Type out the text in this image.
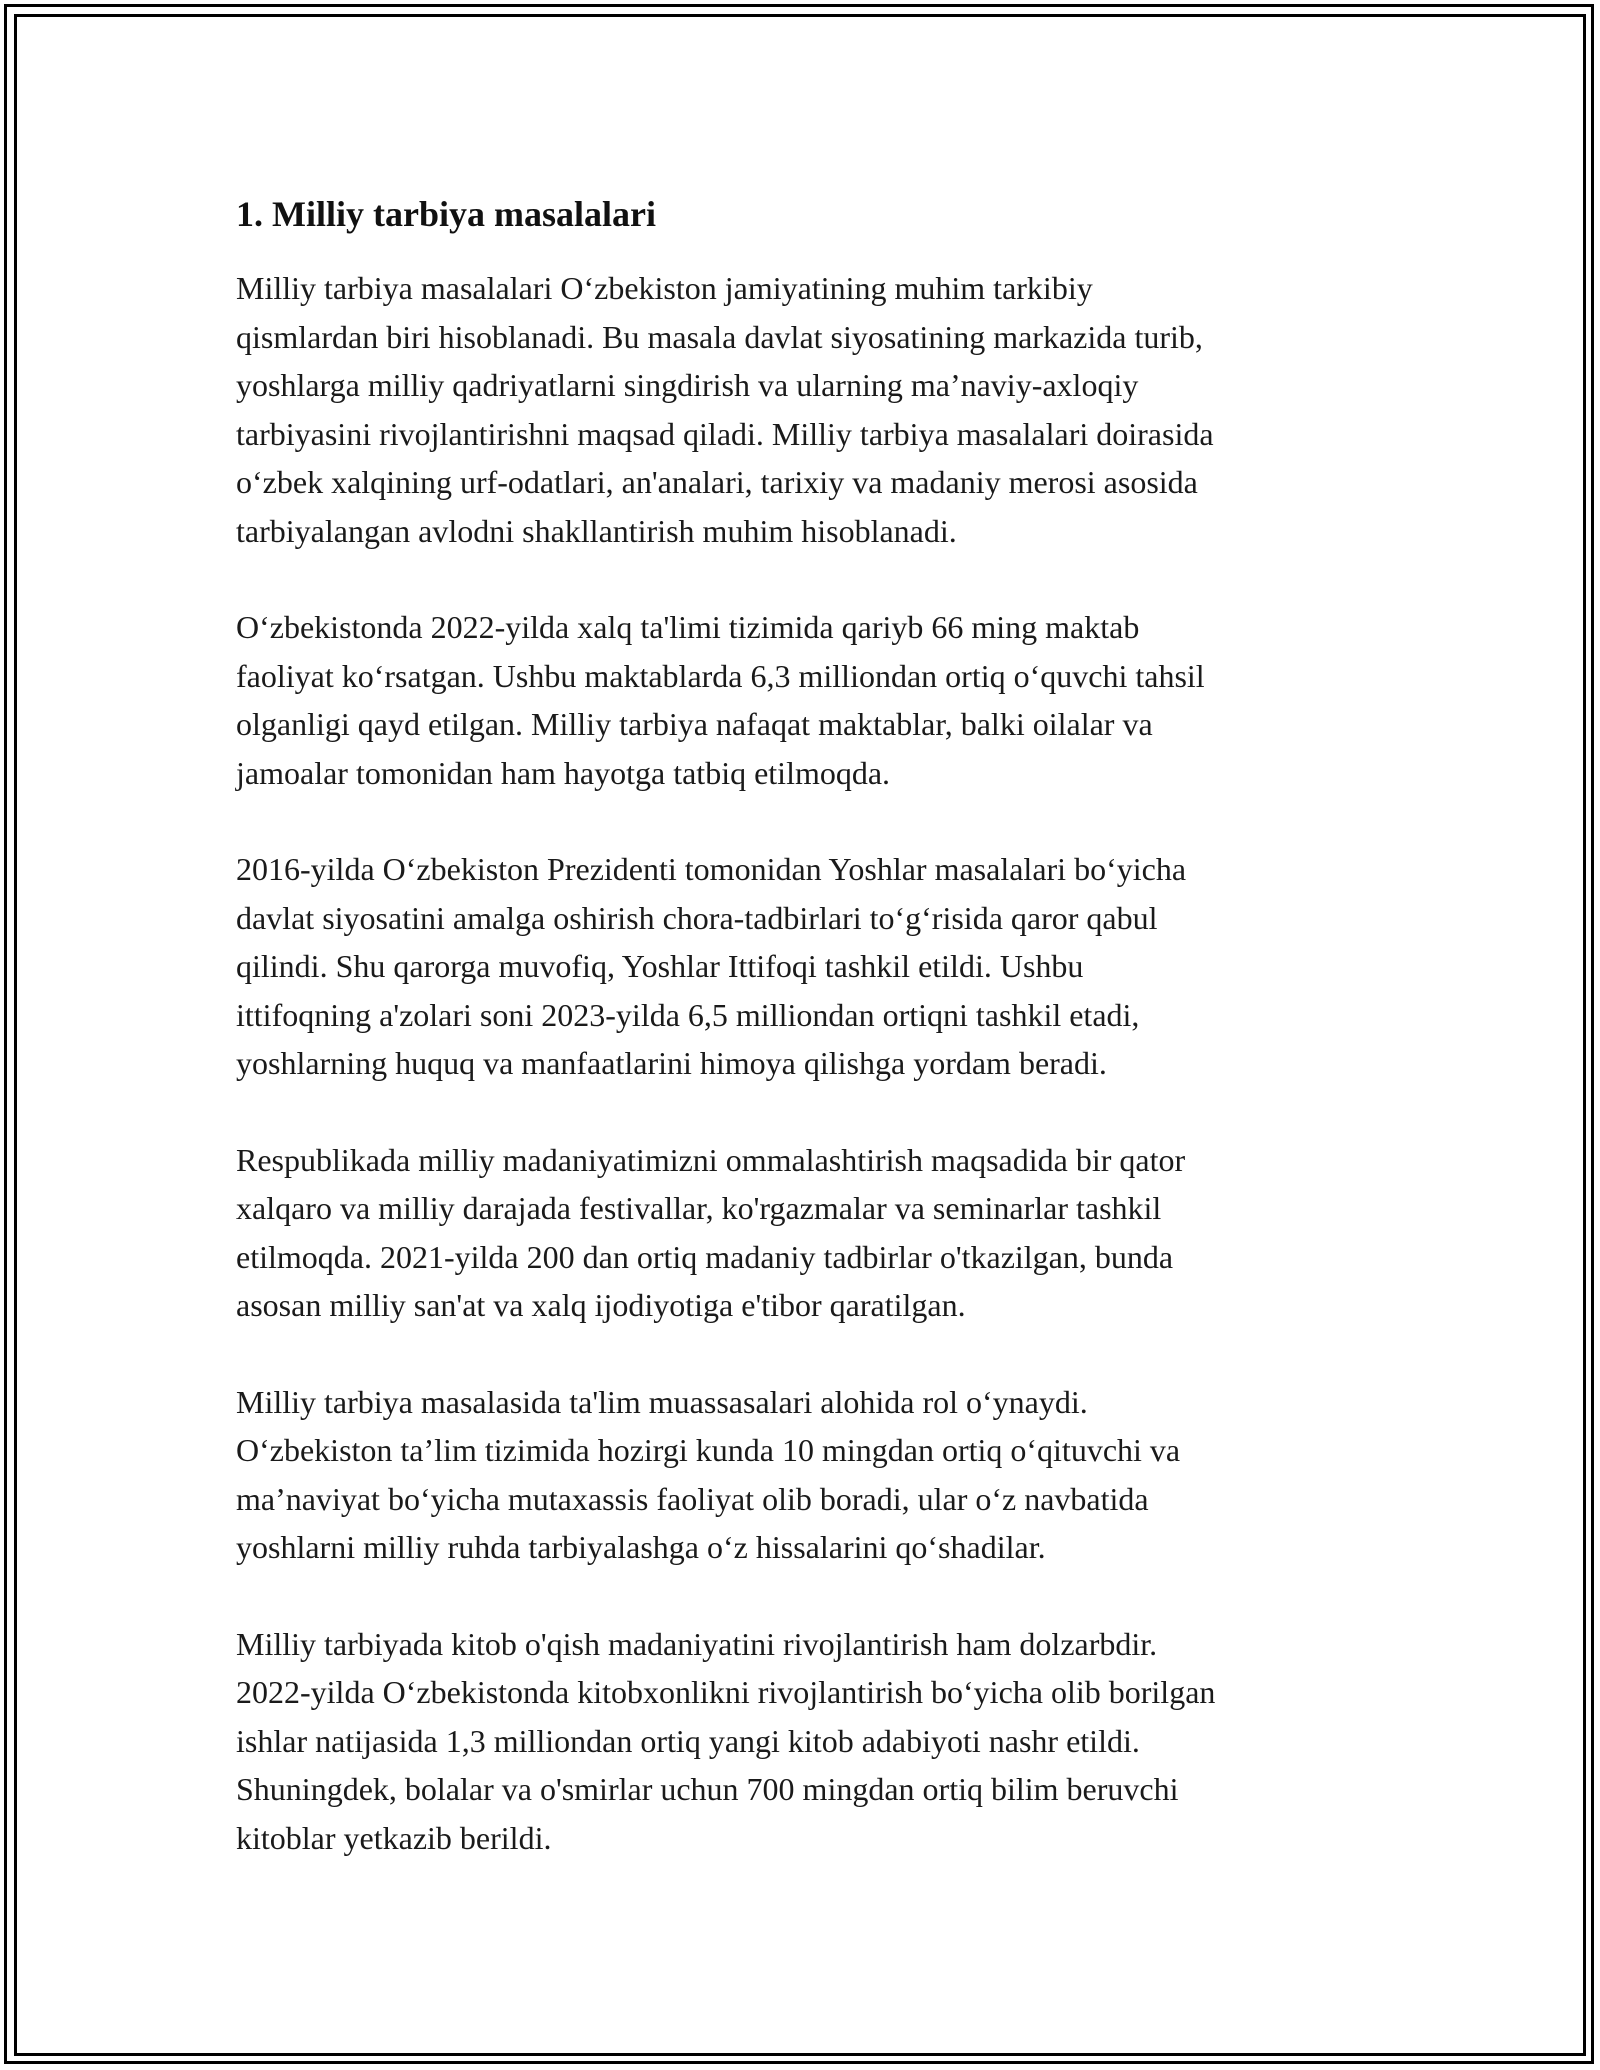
1. Milliy tarbiya masalalari

Milliy tarbiya masalalari O‘zbekiston jamiyatining muhim tarkibiy
qismlardan biri hisoblanadi. Bu masala davlat siyosatining markazida turib,
yoshlarga milliy qadriyatlarni singdirish va ularning ma’naviy-axloqiy
tarbiyasini rivojlantirishni maqsad qiladi. Milliy tarbiya masalalari doirasida
o‘zbek xalqining urf-odatlari, an'analari, tarixiy va madaniy merosi asosida
tarbiyalangan avlodni shakllantirish muhim hisoblanadi.

O‘zbekistonda 2022-yilda xalq ta'limi tizimida qariyb 66 ming maktab
faoliyat ko‘rsatgan. Ushbu maktablarda 6,3 milliondan ortiq o‘quvchi tahsil
olganligi qayd etilgan. Milliy tarbiya nafaqat maktablar, balki oilalar va
jamoalar tomonidan ham hayotga tatbiq etilmoqda.

2016-yilda O‘zbekiston Prezidenti tomonidan Yoshlar masalalari bo‘yicha
davlat siyosatini amalga oshirish chora-tadbirlari to‘g‘risida qaror qabul
qilindi. Shu qarorga muvofiq, Yoshlar Ittifoqi tashkil etildi. Ushbu
ittifoqning a'zolari soni 2023-yilda 6,5 milliondan ortiqni tashkil etadi,
yoshlarning huquq va manfaatlarini himoya qilishga yordam beradi.

Respublikada milliy madaniyatimizni ommalashtirish maqsadida bir qator
xalqaro va milliy darajada festivallar, ko'rgazmalar va seminarlar tashkil
etilmoqda. 2021-yilda 200 dan ortiq madaniy tadbirlar o'tkazilgan, bunda
asosan milliy san'at va xalq ijodiyotiga e'tibor qaratilgan.

Milliy tarbiya masalasida ta'lim muassasalari alohida rol o‘ynaydi.
O‘zbekiston ta’lim tizimida hozirgi kunda 10 mingdan ortiq o‘qituvchi va
ma’naviyat bo‘yicha mutaxassis faoliyat olib boradi, ular o‘z navbatida
yoshlarni milliy ruhda tarbiyalashga o‘z hissalarini qo‘shadilar.

Milliy tarbiyada kitob o'qish madaniyatini rivojlantirish ham dolzarbdir.
2022-yilda O‘zbekistonda kitobxonlikni rivojlantirish bo‘yicha olib borilgan
ishlar natijasida 1,3 milliondan ortiq yangi kitob adabiyoti nashr etildi.
Shuningdek, bolalar va o'smirlar uchun 700 mingdan ortiq bilim beruvchi
kitoblar yetkazib berildi.
